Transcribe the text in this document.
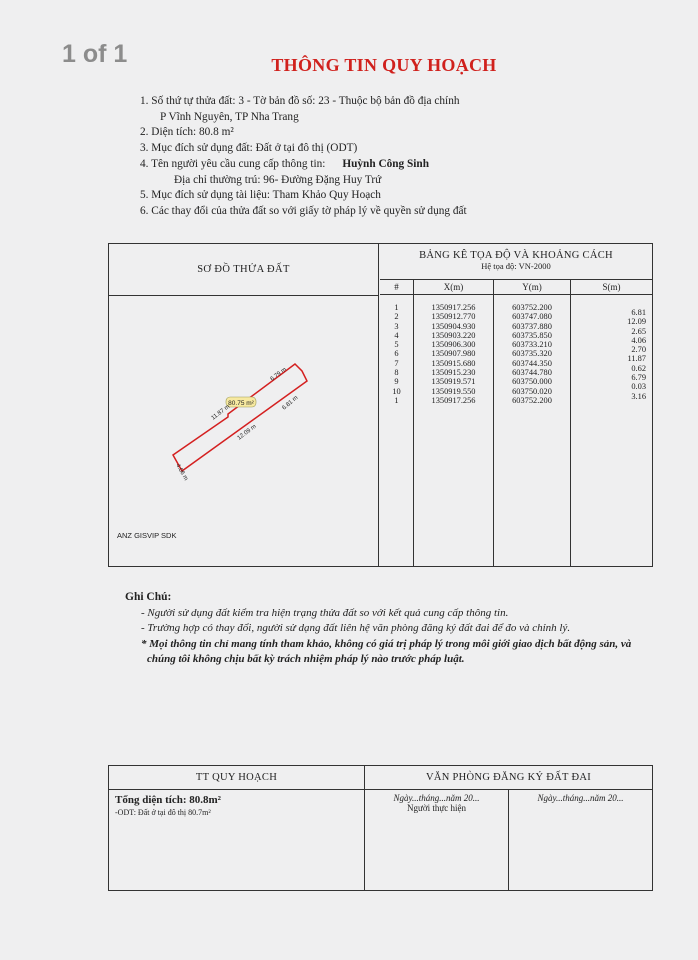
1 of 1	THÔNG TIN QUY HOẠCH
1. Số thứ tự thửa đất: 3 - Tờ bản đồ số: 23 - Thuộc bộ bản đồ địa chính
P Vĩnh Nguyên, TP Nha Trang
2. Diện tích: 80.8 m²
3. Mục đích sử dụng đất: Đất ở tại đô thị (ODT)
4. Tên người yêu cầu cung cấp thông tin: Huỳnh Công Sinh
Địa chỉ thường trú: 96- Đường Đặng Huy Trứ
5. Mục đích sử dụng tài liệu: Tham Khảo Quy Hoạch
6. Các thay đổi của thửa đất so với giấy tờ pháp lý về quyền sử dụng đất
SƠ ĐỒ THỬA ĐẤT
80.75 m²
6.79 m
6.81 m
11.87 m
12.09 m
4.06 m
ANZ GISVIP SDK
BẢNG KÊ TỌA ĐỘ VÀ KHOẢNG CÁCH
Hệ tọa độ: VN-2000
#
1
2
3
4
5
6
7
8
9
10
1
X(m)
1350917.256
1350912.770
1350904.930
1350903.220
1350906.300
1350907.980
1350915.680
1350915.230
1350919.571
1350919.550
1350917.256
Y(m)
603752.200
603747.080
603737.880
603735.850
603733.210
603735.320
603744.350
603744.780
603750.000
603750.020
603752.200
S(m)
6.81
12.09
2.65
4.06
2.70
11.87
0.62
6.79
0.03
3.16
Ghi Chú:
- Người sử dụng đất kiểm tra hiện trạng thửa đất so với kết quả cung cấp thông tin.
- Trường hợp có thay đổi, người sử dạng đất liên hệ văn phòng đăng ký đất đai để đo và chỉnh lý.
* Mọi thông tin chỉ mang tính tham khảo, không có giá trị pháp lý trong môi giới giao dịch bất động sản, và
chúng tôi không chịu bất kỳ trách nhiệm pháp lý nào trước pháp luật.
TT QUY HOẠCH	VĂN PHÒNG ĐĂNG KÝ ĐẤT ĐAI
Tổng diện tích: 80.8m²
-ODT: Đất ở tại đô thị 80.7m²
Ngày...tháng...năm 20...
Người thực hiện
Ngày...tháng...năm 20...
